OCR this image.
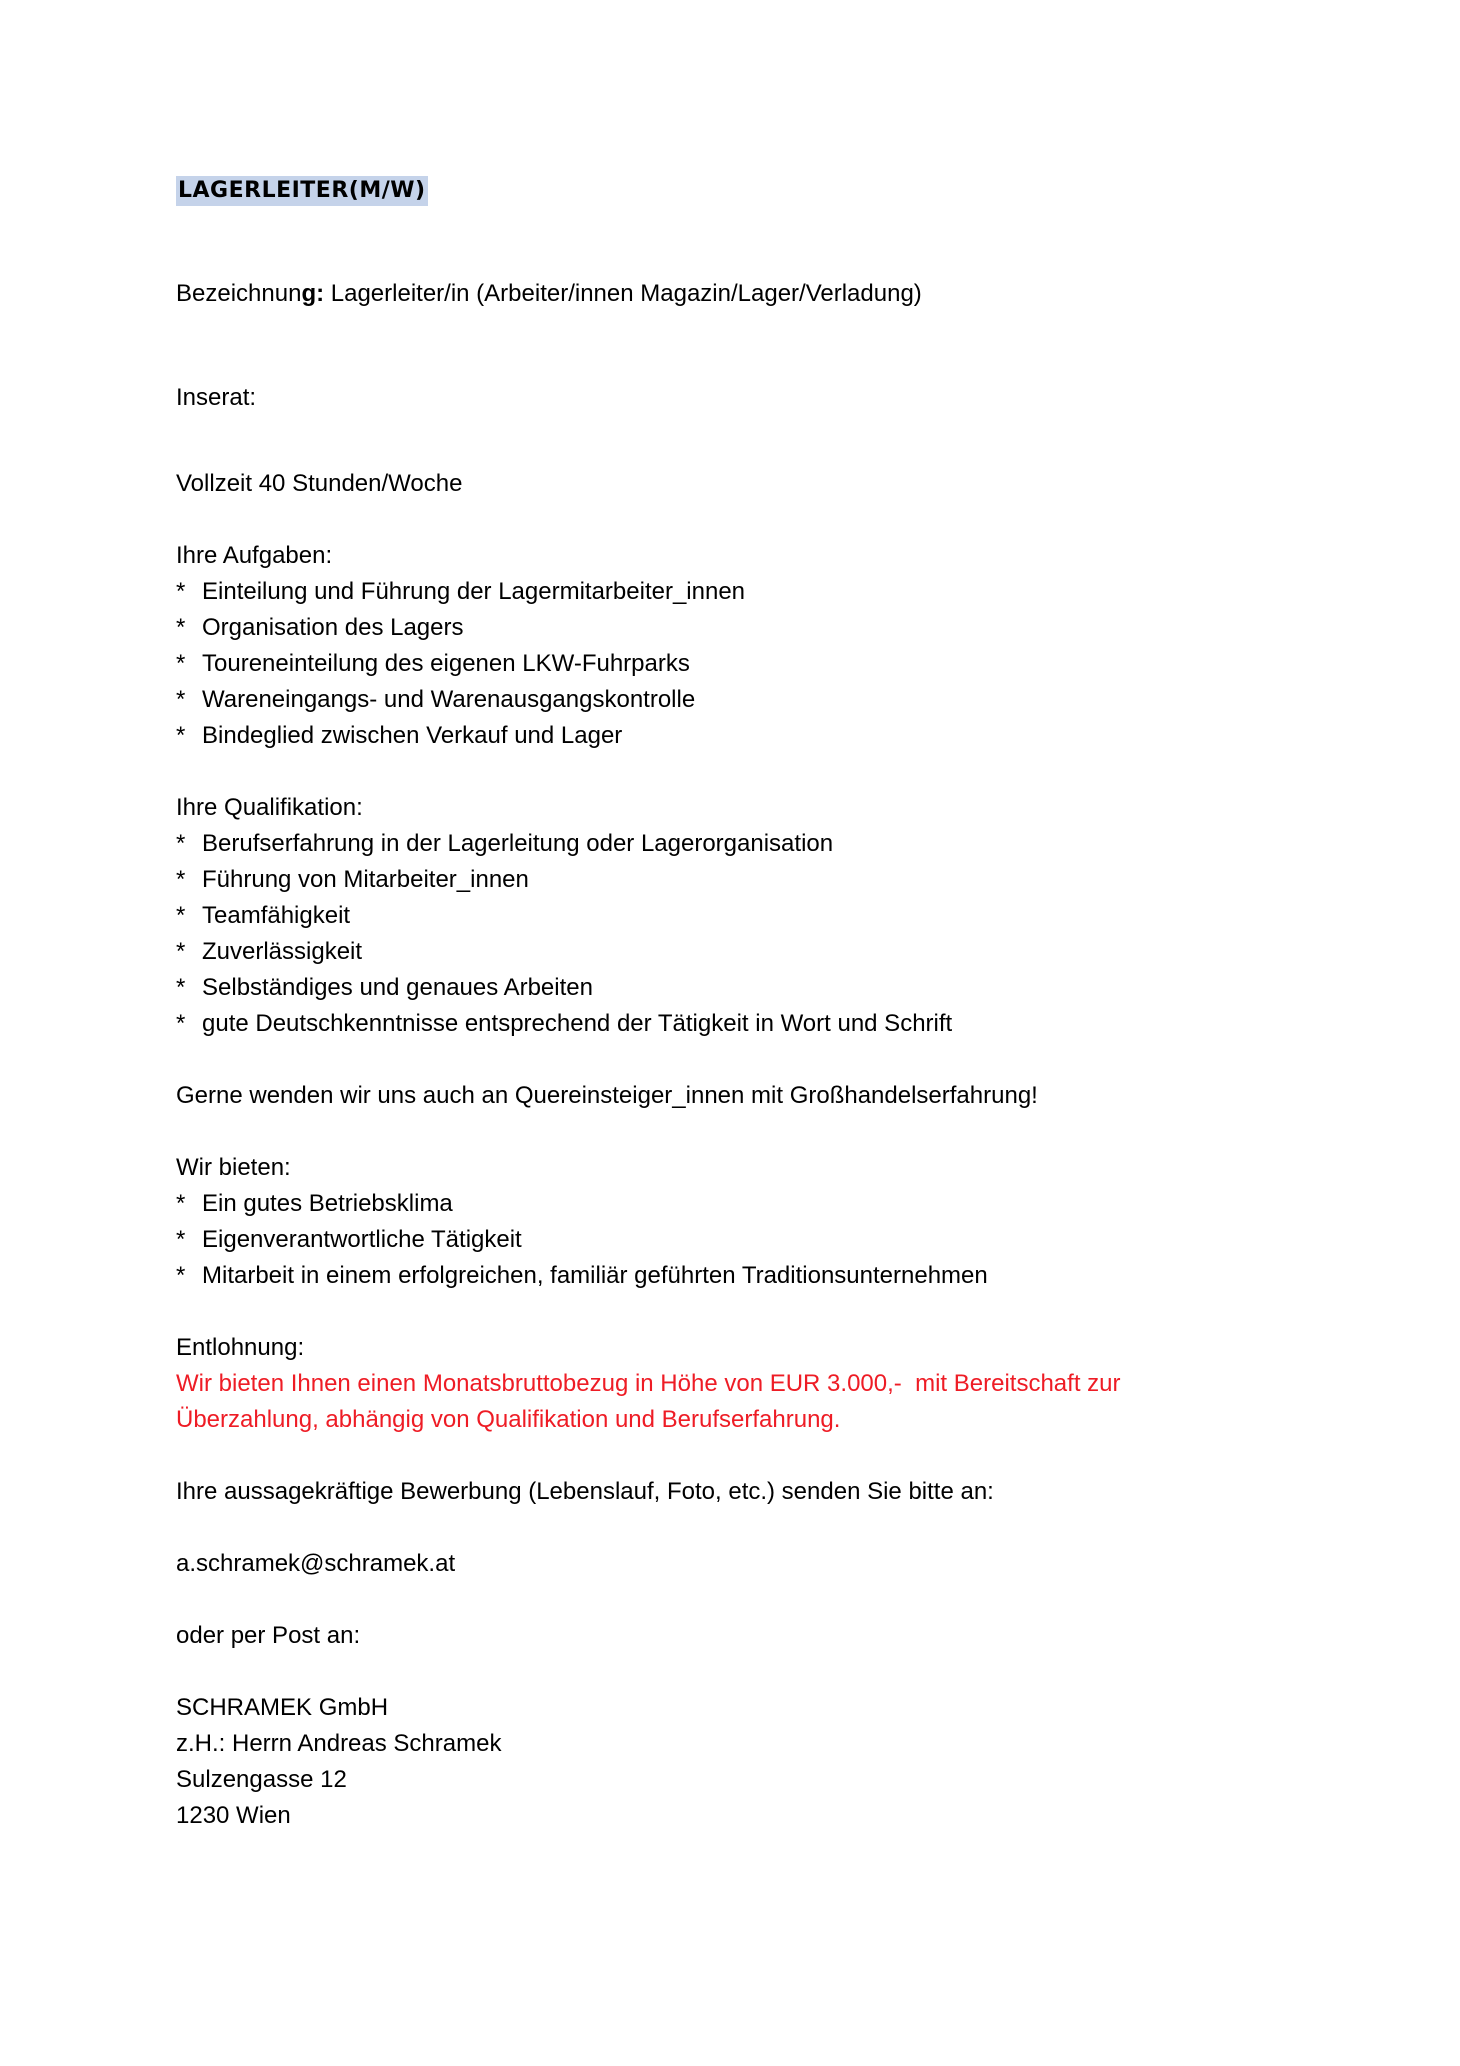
LAGERLEITER(M/W)
Bezeichnung: Lagerleiter/in (Arbeiter/innen Magazin/Lager/Verladung)
Inserat:
Vollzeit 40 Stunden/Woche
Ihre Aufgaben:
* Einteilung und Führung der Lagermitarbeiter_innen
* Organisation des Lagers
* Toureneinteilung des eigenen LKW-Fuhrparks
* Wareneingangs- und Warenausgangskontrolle
* Bindeglied zwischen Verkauf und Lager
Ihre Qualifikation:
* Berufserfahrung in der Lagerleitung oder Lagerorganisation
* Führung von Mitarbeiter_innen
* Teamfähigkeit
* Zuverlässigkeit
* Selbständiges und genaues Arbeiten
* gute Deutschkenntnisse entsprechend der Tätigkeit in Wort und Schrift
Gerne wenden wir uns auch an Quereinsteiger_innen mit Großhandelserfahrung!
Wir bieten:
* Ein gutes Betriebsklima
* Eigenverantwortliche Tätigkeit
* Mitarbeit in einem erfolgreichen, familiär geführten Traditionsunternehmen
Entlohnung:
Wir bieten Ihnen einen Monatsbruttobezug in Höhe von EUR 3.000,-  mit Bereitschaft zur
Überzahlung, abhängig von Qualifikation und Berufserfahrung.
Ihre aussagekräftige Bewerbung (Lebenslauf, Foto, etc.) senden Sie bitte an:
a.schramek@schramek.at
oder per Post an:
SCHRAMEK GmbH
z.H.: Herrn Andreas Schramek
Sulzengasse 12
1230 Wien
